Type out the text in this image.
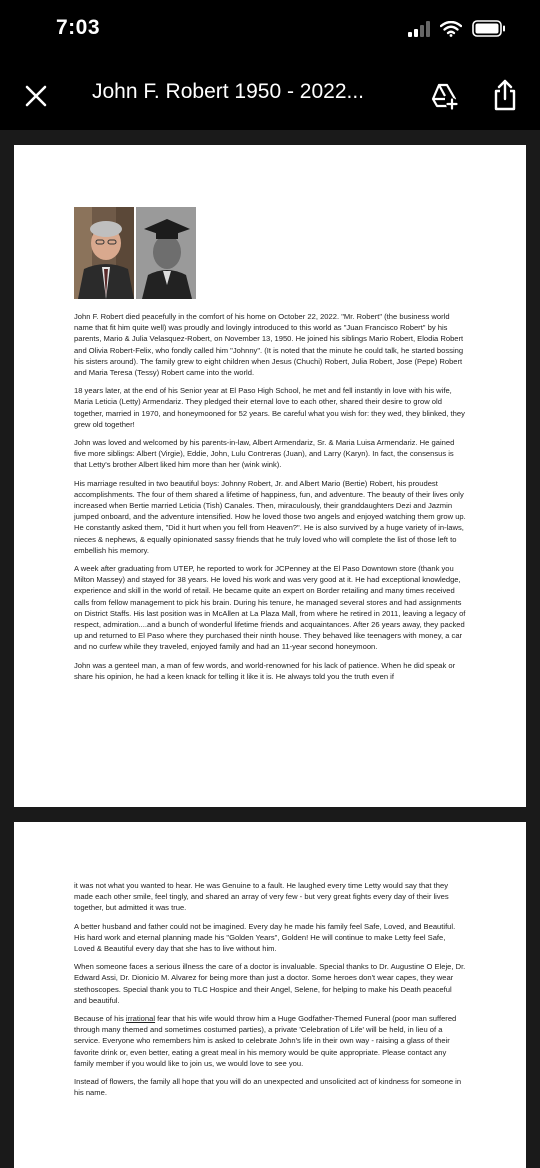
7:03
John F. Robert 1950 - 2022...

John F. Robert died peacefully in the comfort of his home on October 22, 2022. "Mr. Robert" (the business world name that fit him quite well) was proudly and lovingly introduced to this world as "Juan Francisco Robert" by his parents, Mario & Julia Velasquez-Robert, on November 13, 1950. He joined his siblings Mario Robert, Elodia Robert and Olivia Robert-Felix, who fondly called him "Johnny". (It is noted that the minute he could talk, he started bossing his sisters around). The family grew to eight children when Jesus (Chuchi) Robert, Julia Robert, Jose (Pepe) Robert and Maria Teresa (Tessy) Robert came into the world.

18 years later, at the end of his Senior year at El Paso High School, he met and fell instantly in love with his wife, Maria Leticia (Letty) Armendariz. They pledged their eternal love to each other, shared their desire to grow old together, married in 1970, and honeymooned for 52 years. Be careful what you wish for: they wed, they blinked, they grew old together!

John was loved and welcomed by his parents-in-law, Albert Armendariz, Sr. & Maria Luisa Armendariz. He gained five more siblings: Albert (Virgie), Eddie, John, Lulu Contreras (Juan), and Larry (Karyn). In fact, the consensus is that Letty's brother Albert liked him more than her (wink wink).

His marriage resulted in two beautiful boys: Johnny Robert, Jr. and Albert Mario (Bertie) Robert, his proudest accomplishments. The four of them shared a lifetime of happiness, fun, and adventure. The beauty of their lives only increased when Bertie married Leticia (Tish) Canales. Then, miraculously, their granddaughters Dezi and Jazmin jumped onboard, and the adventure intensified. How he loved those two angels and enjoyed watching them grow up. He constantly asked them, "Did it hurt when you fell from Heaven?". He is also survived by a huge variety of in-laws, nieces & nephews, & equally opinionated sassy friends that he truly loved who will complete the list of those left to embellish his memory.

A week after graduating from UTEP, he reported to work for JCPenney at the El Paso Downtown store (thank you Milton Massey) and stayed for 38 years. He loved his work and was very good at it. He had exceptional knowledge, experience and skill in the world of retail. He became quite an expert on Border retailing and many times received calls from fellow management to pick his brain. During his tenure, he managed several stores and had assignments on District Staffs. His last position was in McAllen at La Plaza Mall, from where he retired in 2011, leaving a legacy of respect, admiration....and a bunch of wonderful lifetime friends and acquaintances. After 26 years away, they packed up and returned to El Paso where they purchased their ninth house. They behaved like teenagers with money, a car and no curfew while they traveled, enjoyed family and had an 11-year second honeymoon.

John was a genteel man, a man of few words, and world-renowned for his lack of patience. When he did speak or share his opinion, he had a keen knack for telling it like it is. He always told you the truth even if

it was not what you wanted to hear. He was Genuine to a fault. He laughed every time Letty would say that they made each other smile, feel tingly, and shared an array of very few - but very great fights every day of their lives together, but admitted it was true.

A better husband and father could not be imagined. Every day he made his family feel Safe, Loved, and Beautiful. His hard work and eternal planning made his "Golden Years", Golden! He will continue to make Letty feel Safe, Loved & Beautiful every day that she has to live without him.

When someone faces a serious illness the care of a doctor is invaluable. Special thanks to Dr. Augustine O Eleje, Dr. Edward Assi, Dr. Dionicio M. Alvarez for being more than just a doctor. Some heroes don't wear capes, they wear stethoscopes. Special thank you to TLC Hospice and their Angel, Selene, for helping to make his Death peaceful and beautiful.

Because of his irrational fear that his wife would throw him a Huge Godfather-Themed Funeral (poor man suffered through many themed and sometimes costumed parties), a private 'Celebration of Life' will be held, in lieu of a service. Everyone who remembers him is asked to celebrate John's life in their own way - raising a glass of their favorite drink or, even better, eating a great meal in his memory would be quite appropriate. Please contact any family member if you would like to join us, we would love to see you.

Instead of flowers, the family all hope that you will do an unexpected and unsolicited act of kindness for someone in his name.
